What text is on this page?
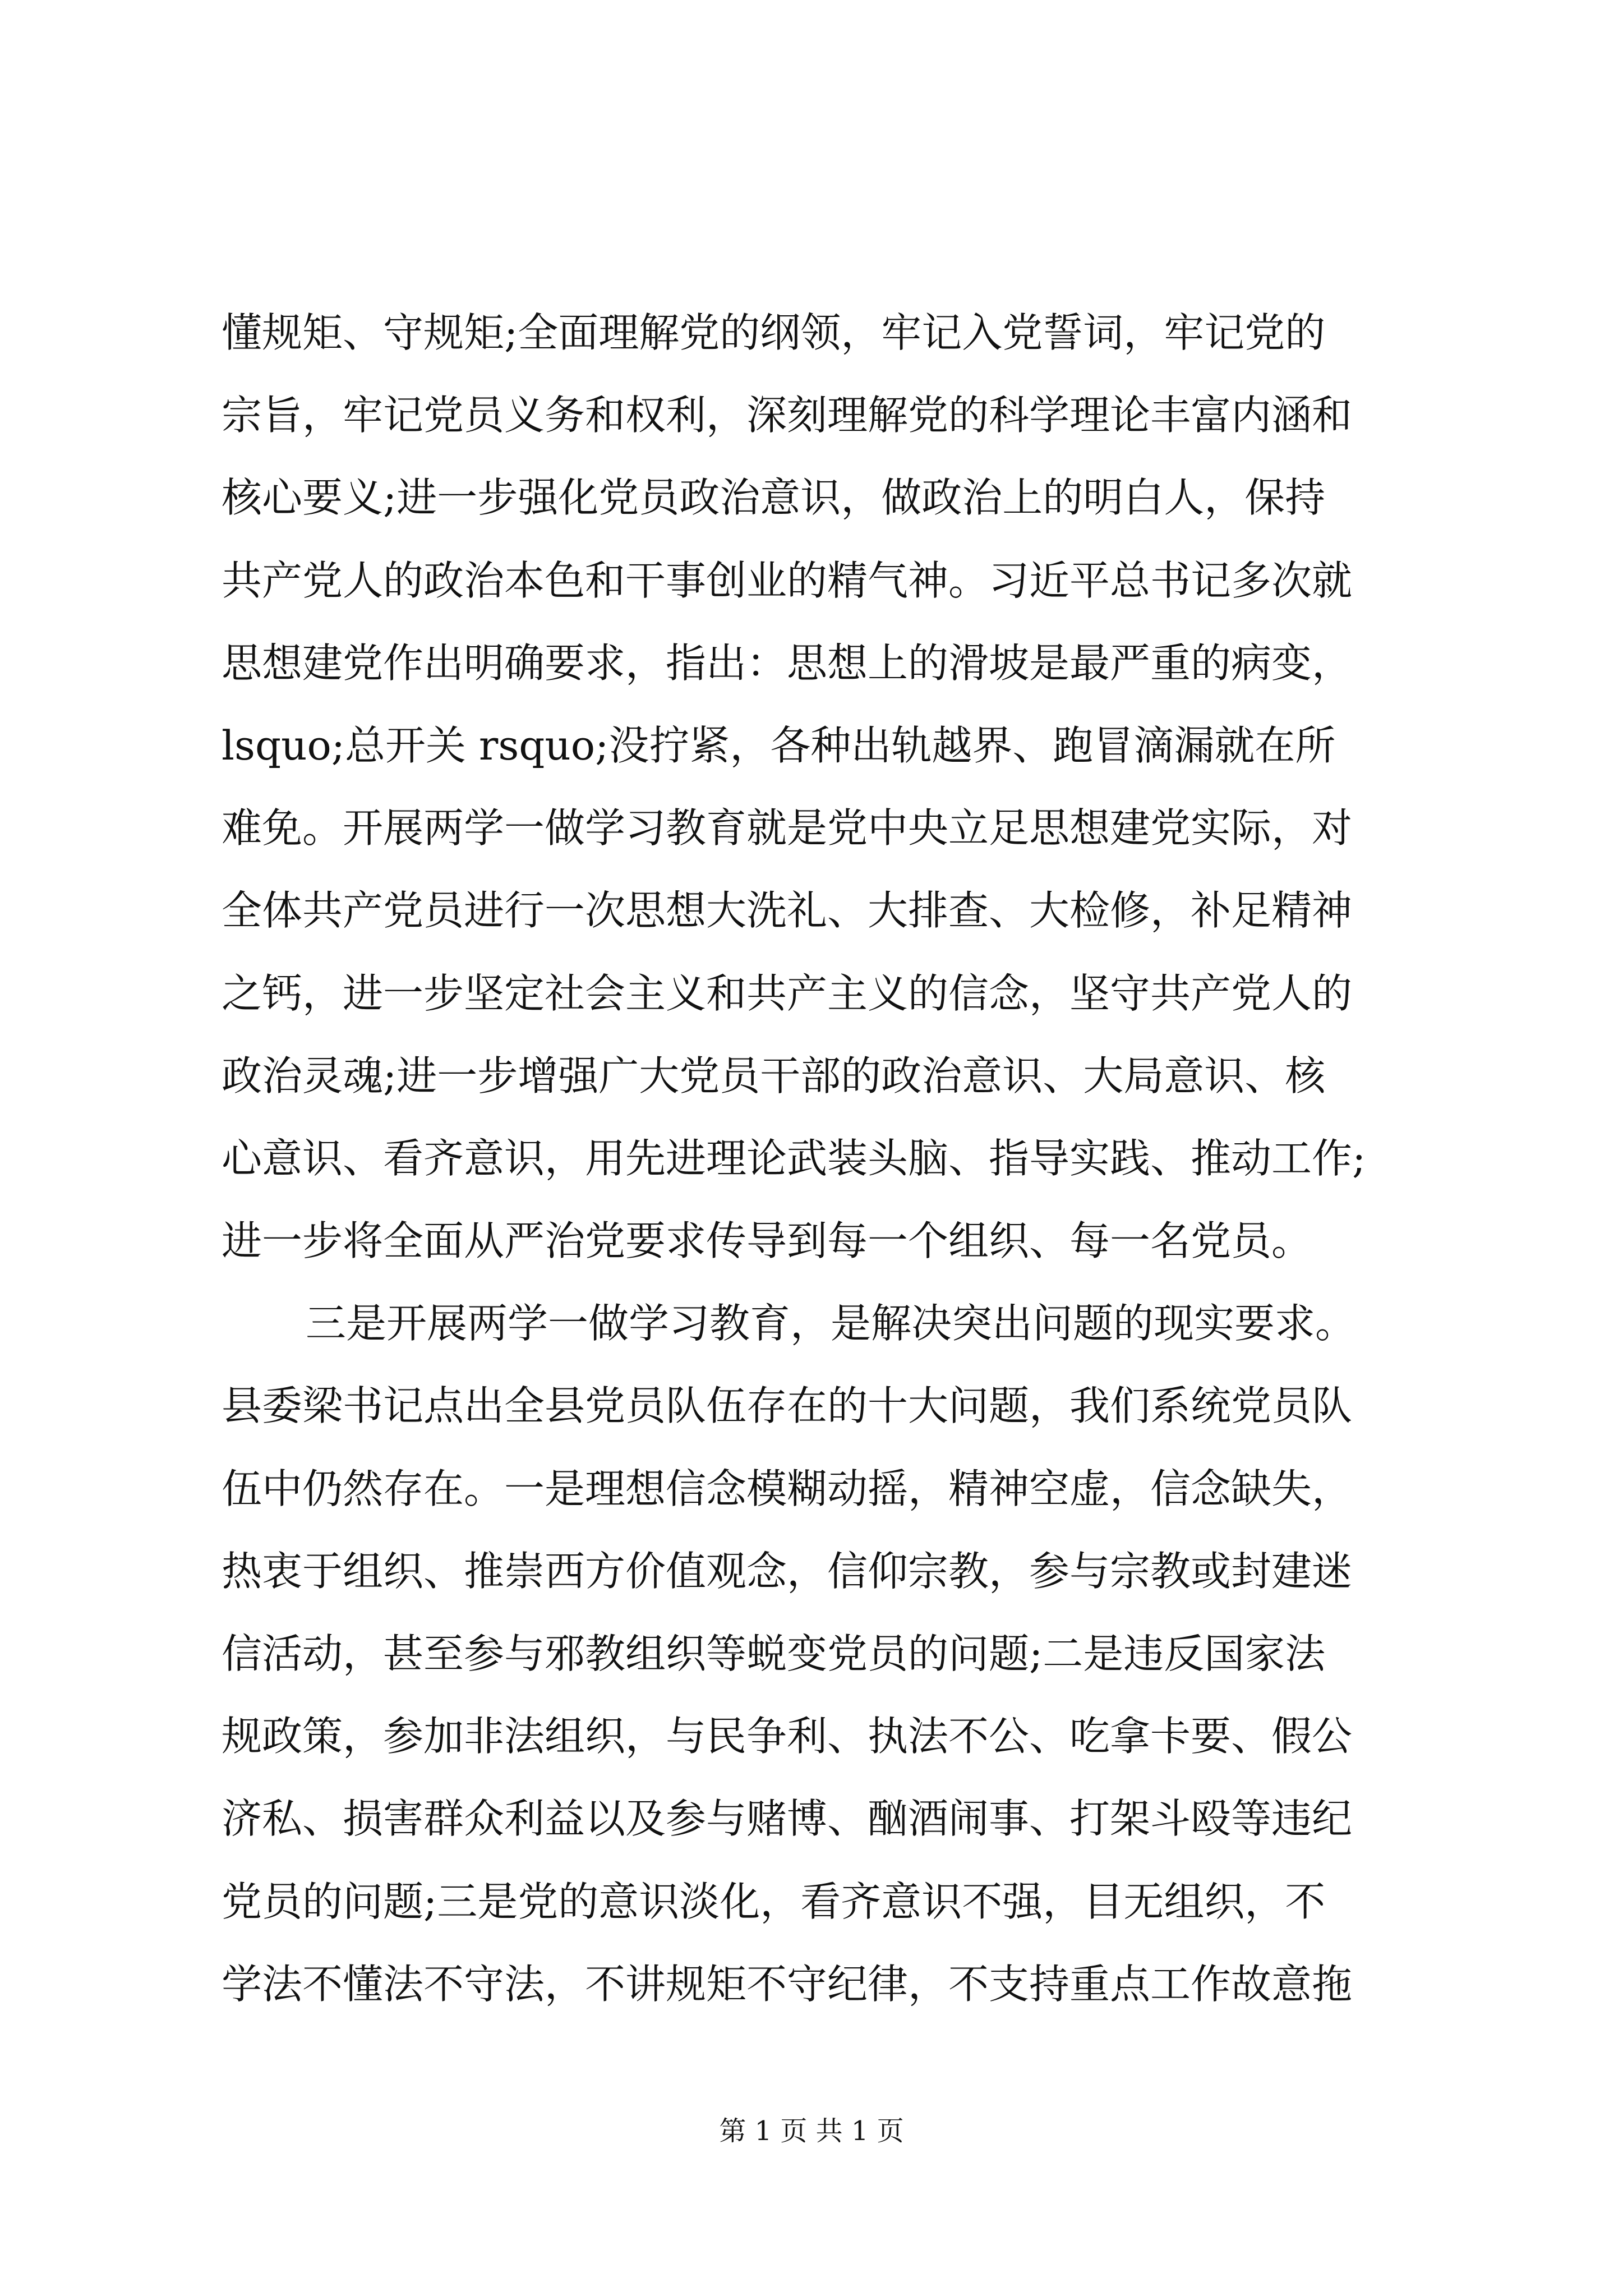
懂规矩、守规矩;全面理解党的纲领，牢记入党誓词，牢记党的
宗旨，牢记党员义务和权利，深刻理解党的科学理论丰富内涵和
核心要义;进一步强化党员政治意识，做政治上的明白人，保持
共产党人的政治本色和干事创业的精气神。习近平总书记多次就
思想建党作出明确要求，指出：思想上的滑坡是最严重的病变，
lsquo;总开关 rsquo;没拧紧，各种出轨越界、跑冒滴漏就在所
难免。开展两学一做学习教育就是党中央立足思想建党实际，对
全体共产党员进行一次思想大洗礼、大排查、大检修，补足精神
之钙，进一步坚定社会主义和共产主义的信念，坚守共产党人的
政治灵魂;进一步增强广大党员干部的政治意识、大局意识、核
心意识、看齐意识，用先进理论武装头脑、指导实践、推动工作;
进一步将全面从严治党要求传导到每一个组织、每一名党员。
三是开展两学一做学习教育，是解决突出问题的现实要求。
县委梁书记点出全县党员队伍存在的十大问题，我们系统党员队
伍中仍然存在。一是理想信念模糊动摇，精神空虚，信念缺失，
热衷于组织、推崇西方价值观念，信仰宗教，参与宗教或封建迷
信活动，甚至参与邪教组织等蜕变党员的问题;二是违反国家法
规政策，参加非法组织，与民争利、执法不公、吃拿卡要、假公
济私、损害群众利益以及参与赌博、酗酒闹事、打架斗殴等违纪
党员的问题;三是党的意识淡化，看齐意识不强，目无组织，不
学法不懂法不守法，不讲规矩不守纪律，不支持重点工作故意拖
第 1 页 共 1 页
